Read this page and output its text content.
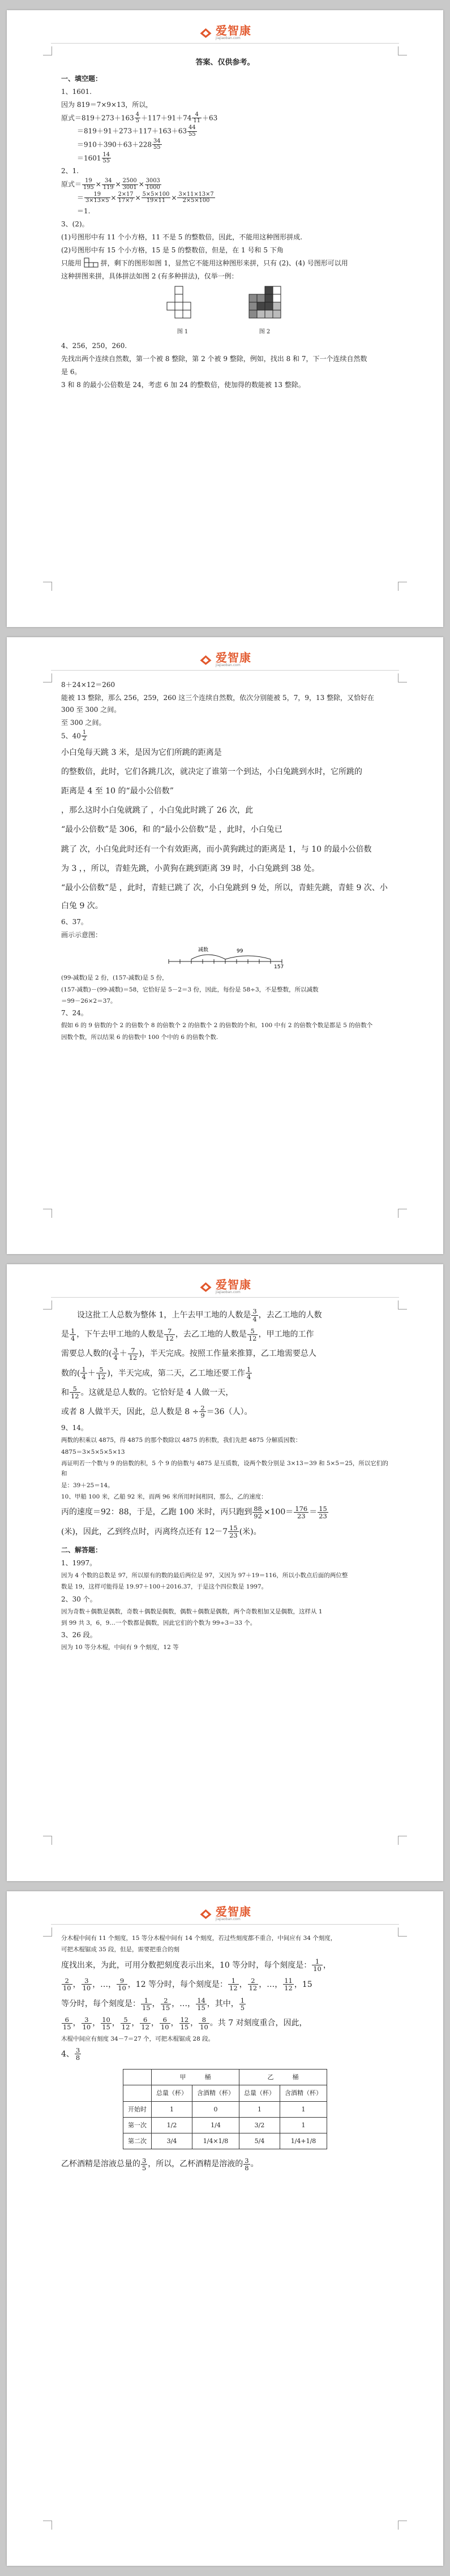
爱智康
jiajiaoban.com

答案、仅供参考。

一、填空题：

1、1601.

因为 819＝7×9×13，所以，

原式$=819+273+163 \frac{4}{5} +117+91+74 \frac{4}{11} +63$

$=819+91+273+117+163+63 \frac{44}{55}$

$=910+390+63+228 \frac{34}{55}$

$=1601 \frac{14}{55}$

2、1.

原式＝ $\frac{19}{195} \times \frac{34}{119} \times \frac{2500}{3001} \times \frac{3003}{1000}$

＝ $\frac{19}{3\times 13\times 5} \times \frac{2\times 17}{17\times 7} \times \frac{5\times 5\times 100}{19\times 11} \times \frac{3\times 11\times 13\times 7}{2\times 5\times 100}$

＝1.

3、(2)。

(1)号图形中有 11 个小方格，11 不是 5 的整数倍，因此，不能用这种图形拼成.

(2)号图形中有 15 个小方格，15 是 5 的整数倍，但是，在 1 号和 5 下角

只能用	拼，剩下的图形如图 1，显然它不能用这种图形来拼，只有 (2)、(4) 号图形可以用

这种拼图来拼，具体拼法如图 2 (有多种拼法)，仅举一例：

图 1	图 2

4、256，250，260.

先找出两个连续自然数，第一个被 8 整除，第 2 个被 9 整除，例如，找出 8 和 7，下一个连续自然数

是 6。

3 和 8 的最小公倍数是 24，考虑 6 加 24 的整数倍，使加得的数能被 13 整除。

爱智康
jiajiaoban.com

8＋24×12＝260

能被 13 整除，那么 256，259，260 这三个连续自然数，依次分别能被 5，7，9，13 整除，又恰好在 300 至 300 之间。

至 300 之间。

5、$40 \frac{1}{2}$

小白兔每天跳 3 米，是因为它们所跳的距离是

的整数倍，此时，它们各跳几次，就决定了谁第一个到达，小白兔跳到水时，它所跳的

距离是 4 至 10 的“最小公倍数”

，那么这时小白兔就跳了 ，小白兔此时跳了 26 次，此

“最小公倍数”是 306，和 的“最小公倍数”是 ，此时，小白兔已

跳了 次，小白兔此时还有一个有效距离，而小黄狗跳过的距离是 1，与 10 的最小公倍数

为 3 ，，所以，青蛙先跳，小黄狗在跳到距离 39 时，小白兔跳到 38 处。

“最小公倍数”是 ，此时，青蛙已跳了 次，小白兔跳到 9 处，所以，青蛙先跳，青蛙 9 次、小白兔 9 次。

6、37。

画示示意图：

减数	99
157

(99-减数)是 2 份，(157-减数)是 5 份，

(157-减数)－(99-减数)＝58，它恰好是 5－2＝3 份，因此，每份是 58÷3，不是整数，所以减数

＝99－26×2＝37。

7、24。

假如 6 的 9 倍数的个 2 的倍数个 8 的倍数个 2 的倍数个 2 的倍数的个和，100 中有 2 的倍数个数是都是 5 的倍数个

因数个数，所以结果 6 的倍数中 100 个中的 6 的倍数个数.

爱智康
jiajiaoban.com

设这批工人总数为整体 1，上午去甲工地的人数是 $\frac{3}{4}$ ，去乙工地的人数

是 $\frac{1}{4}$ ，下午去甲工地的人数是 $\frac{7}{12}$ ，去乙工地的人数是 $\frac{5}{12}$ ，甲工地的工作

需要总人数的( $\frac{3}{4} + \frac{7}{12}$ )，半天完成。按照工作量来推算，乙工地需要总人

数的( $\frac{1}{4} + \frac{5}{12}$ )，半天完成，第二天，乙工地还要工作 $\frac{1}{4}$

和 $\frac{5}{12}$ 。这就是总人数的。它恰好是 4 人做一天，

或者 8 人做半天，因此，总人数是 $8 \div \frac{2}{9} =36$（人）。

9、14。

两数的积乘以 4875，得 4875 的那个数除以 4875 的积数，我们先把 4875 分解质因数：

4875＝3×5×5×5×13

再证明若一个数与 9 的倍数的积，5 个 9 的倍数与 4875 是互质数，设两个数分别是 3×13＝39 和 5×5＝25，所以它们的和

是：39＋25＝14。

10、甲船 100 米，乙船 92 米，而两 96 米所用时间相同，那么，乙的速度：

丙的速度＝92：88，于是，乙跑 100 米时，丙只跑到 $\frac{88}{92} \times 100= \frac{176}{23} = \frac{15}{23}$

(米)，因此，乙到终点时，丙离终点还有 $12-7 \frac{15}{23}$ (米)。

二、解答题：

1、1997。

因为 4 个数的总数是 97，所以原有的数的最后两位是 97，又因为 97＋19＝116，所以小数点后面的两位整

数是 19，这样可能得是 19.97＋100＋2016.37，于是这个四位数是 1997。

2、30 个。

因为奇数＋偶数是偶数，奇数＋偶数是偶数，偶数＋偶数是偶数，两个奇数相加又是偶数，这样从 1

到 99 共 3，6，9…一个数都是偶数，因此它们的个数为 99÷3＝33 个。

3、26 段。

因为 10 等分木棍，中间有 9 个刻度，12 等

爱智康
jiajiaoban.com

分木棍中间有 11 个刻度，15 等分木棍中间有 14 个刻度，若过些刻度都不重合，中间应有 34 个刻度，

可把木棍锯成 35 段，但是，需要把重合的刻

度找出来，为此，可用分数把刻度表示出来，10 等分时，每个刻度是： $\frac{1}{10}$ ，

$\frac{2}{10}$ ， $\frac{3}{10}$ ，…， $\frac{9}{10}$ ，12 等分时，每个刻度是： $\frac{1}{12}$ ， $\frac{2}{12}$ ，…， $\frac{11}{12}$ ，15

等分时，每个刻度是： $\frac{1}{15}$ ， $\frac{2}{15}$ ，…， $\frac{14}{15}$ ，其中， $\frac{1}{5}$

$\frac{6}{15}$ ， $\frac{3}{10}$ ， $\frac{10}{15}$ ， $\frac{5}{12}$ ， $\frac{6}{12}$ ， $\frac{6}{10}$ ， $\frac{12}{15}$ ， $\frac{8}{10}$ 。共 7 对刻度重合，因此，

木棍中间应有刻度 34－7＝27 个，可把木棍锯成 28 段。

4、 $\frac{3}{8}$

	甲　　　桶		乙　　　桶	
	总量（杯）	含酒精（杯）	总量（杯）	含酒精（杯）
开始时	1	0	1	1
第一次	1/2	1/4	3/2	1
第二次	3/4	1/4×1/8	5/4	1/4+1/8

乙杯酒精是溶液总量的 $\frac{3}{5}$ ，所以，乙杯酒精是溶液的 $\frac{3}{8}$ 。
